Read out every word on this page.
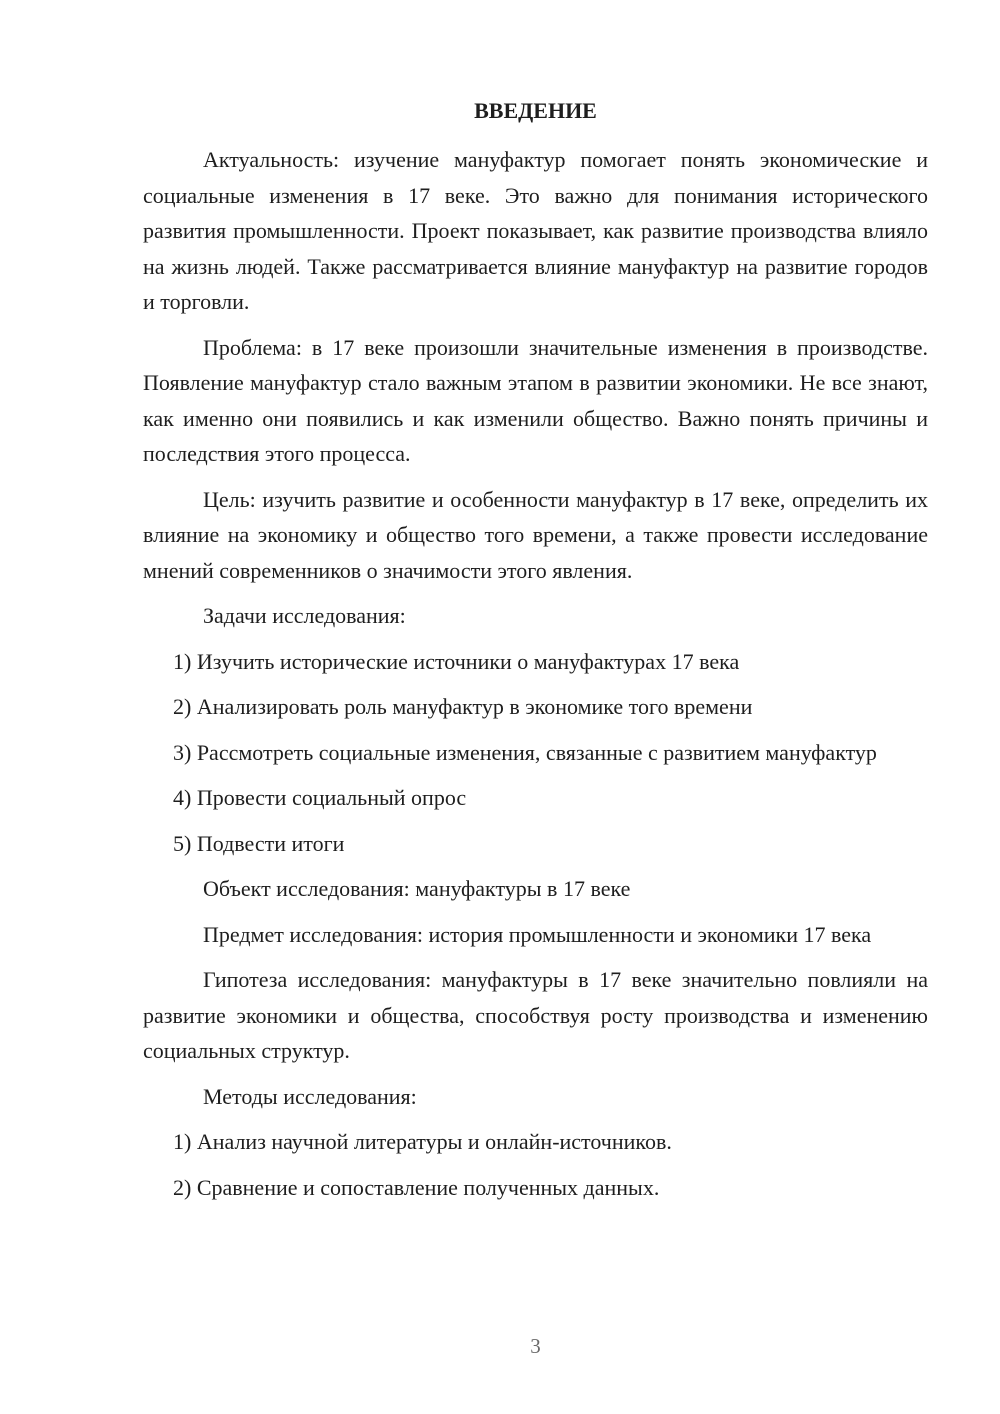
ВВЕДЕНИЕ

Актуальность: изучение мануфактур помогает понять экономические и социальные изменения в 17 веке. Это важно для понимания исторического развития промышленности. Проект показывает, как развитие производства влияло на жизнь людей. Также рассматривается влияние мануфактур на развитие городов и торговли.

Проблема: в 17 веке произошли значительные изменения в производстве. Появление мануфактур стало важным этапом в развитии экономики. Не все знают, как именно они появились и как изменили общество. Важно понять причины и последствия этого процесса.

Цель: изучить развитие и особенности мануфактур в 17 веке, определить их влияние на экономику и общество того времени, а также провести исследование мнений современников о значимости этого явления.

Задачи исследования:

1) Изучить исторические источники о мануфактурах 17 века

2) Анализировать роль мануфактур в экономике того времени

3) Рассмотреть социальные изменения, связанные с развитием мануфактур

4) Провести социальный опрос

5) Подвести итоги

Объект исследования: мануфактуры в 17 веке

Предмет исследования: история промышленности и экономики 17 века

Гипотеза исследования: мануфактуры в 17 веке значительно повлияли на развитие экономики и общества, способствуя росту производства и изменению социальных структур.

Методы исследования:

1) Анализ научной литературы и онлайн-источников.

2) Сравнение и сопоставление полученных данных.

3
